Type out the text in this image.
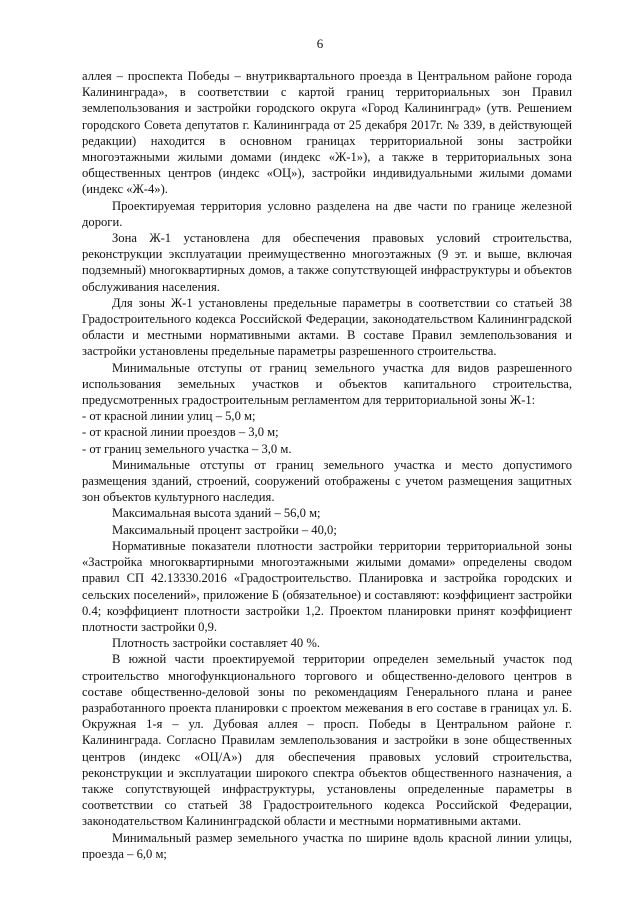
6

аллея – проспекта Победы – внутриквартального проезда в Центральном районе города Калининграда», в соответствии с картой границ территориальных зон Правил землепользования и застройки городского округа «Город Калининград» (утв. Решением городского Совета депутатов г. Калининграда от 25 декабря 2017г. № 339, в действующей редакции) находится в основном границах территориальной зоны застройки многоэтажными жилыми домами (индекс «Ж-1»), а также в территориальных зона общественных центров (индекс «ОЦ»), застройки индивидуальными жилыми домами (индекс «Ж-4»).

Проектируемая территория условно разделена на две части по границе железной дороги.

Зона Ж-1 установлена для обеспечения правовых условий строительства, реконструкции эксплуатации преимущественно многоэтажных (9 эт. и выше, включая подземный) многоквартирных домов, а также сопутствующей инфраструктуры и объектов обслуживания населения.

Для зоны Ж-1 установлены предельные параметры в соответствии со статьей 38 Градостроительного кодекса Российской Федерации, законодательством Калининградской области и местными нормативными актами. В составе Правил землепользования и застройки установлены предельные параметры разрешенного строительства.

Минимальные отступы от границ земельного участка для видов разрешенного использования земельных участков и объектов капитального строительства, предусмотренных градостроительным регламентом для территориальной зоны Ж-1:

- от красной линии улиц – 5,0 м;

- от красной линии проездов – 3,0 м;

- от границ земельного участка – 3,0 м.

Минимальные отступы от границ земельного участка и место допустимого размещения зданий, строений, сооружений отображены с учетом размещения защитных зон объектов культурного наследия.

Максимальная высота зданий – 56,0 м;

Максимальный процент застройки – 40,0;

Нормативные показатели плотности застройки территории территориальной зоны «Застройка многоквартирными многоэтажными жилыми домами» определены сводом правил СП 42.13330.2016 «Градостроительство. Планировка и застройка городских и сельских поселений», приложение Б (обязательное) и составляют: коэффициент застройки 0.4; коэффициент плотности застройки 1,2. Проектом планировки принят коэффициент плотности застройки 0,9.

Плотность застройки составляет 40 %.

В южной части проектируемой территории определен земельный участок под строительство многофункционального торгового и общественно-делового центров в составе общественно-деловой зоны по рекомендациям Генерального плана и ранее разработанного проекта планировки с проектом межевания в его составе в границах ул. Б. Окружная 1-я – ул. Дубовая аллея – просп. Победы в Центральном районе г. Калининграда. Согласно Правилам землепользования и застройки в зоне общественных центров (индекс «ОЦ/А») для обеспечения правовых условий строительства, реконструкции и эксплуатации широкого спектра объектов общественного назначения, а также сопутствующей инфраструктуры, установлены определенные параметры в соответствии со статьей 38 Градостроительного кодекса Российской Федерации, законодательством Калининградской области и местными нормативными актами.

Минимальный размер земельного участка по ширине вдоль красной линии улицы, проезда – 6,0 м;
